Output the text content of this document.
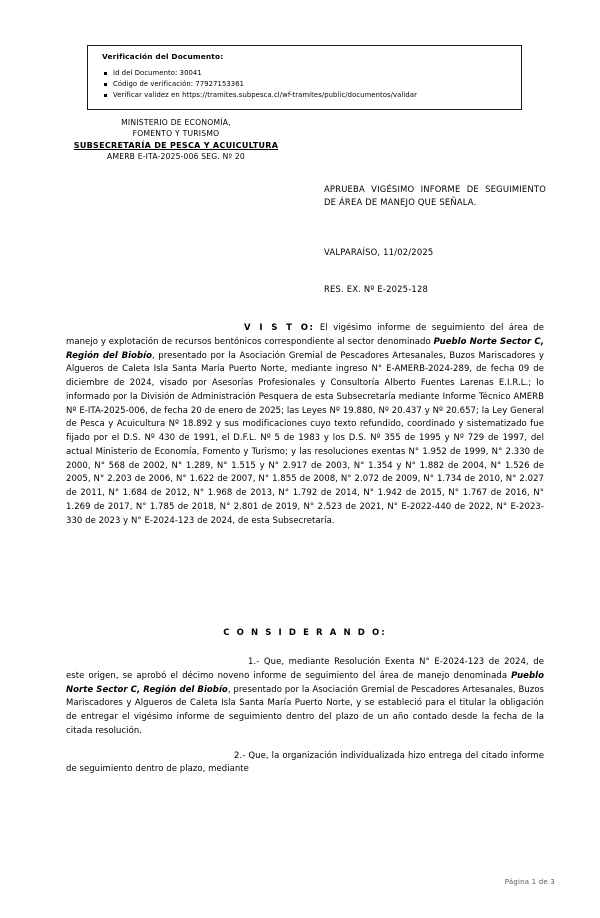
Verificación del Documento:
Id del Documento: 30041
Código de verificación: 77927153361
Verificar validez en https://tramites.subpesca.cl/wf-tramites/public/documentos/validar
MINISTERIO DE ECONOMÍA,
FOMENTO Y TURISMO
SUBSECRETARÍA DE PESCA Y ACUICULTURA
AMERB E-ITA-2025-006 SEG. Nº 20
APRUEBA VIGÉSIMO INFORME DE SEGUIMIENTO DE ÁREA DE MANEJO QUE SEÑALA.
VALPARAÍSO, 11/02/2025
RES. EX. Nº E-2025-128

V I S T O: El vigésimo informe de seguimiento del área de manejo y explotación de recursos bentónicos correspondiente al sector denominado Pueblo Norte Sector C, Región del Biobío, presentado por la Asociación Gremial de Pescadores Artesanales, Buzos Mariscadores y Algueros de Caleta Isla Santa María Puerto Norte, mediante ingreso N° E-AMERB-2024-289, de fecha 09 de diciembre de 2024, visado por Asesorías Profesionales y Consultoría Alberto Fuentes Larenas E.I.R.L.; lo informado por la División de Administración Pesquera de esta Subsecretaría mediante Informe Técnico AMERB Nº E-ITA-2025-006, de fecha 20 de enero de 2025; las Leyes Nº 19.880, Nº 20.437 y Nº 20.657; la Ley General de Pesca y Acuicultura Nº 18.892 y sus modificaciones cuyo texto refundido, coordinado y sistematizado fue fijado por el D.S. Nº 430 de 1991, el D.F.L. Nº 5 de 1983 y los D.S. Nº 355 de 1995 y Nº 729 de 1997, del actual Ministerio de Economía, Fomento y Turismo; y las resoluciones exentas N° 1.952 de 1999, N° 2.330 de 2000, N° 568 de 2002, N° 1.289, N° 1.515 y N° 2.917 de 2003, N° 1.354 y N° 1.882 de 2004, N° 1.526 de 2005, N° 2.203 de 2006, N° 1.622 de 2007, N° 1.855 de 2008, N° 2.072 de 2009, N° 1.734 de 2010, N° 2.027 de 2011, N° 1.684 de 2012, N° 1.968 de 2013, N° 1.792 de 2014, N° 1.942 de 2015, N° 1.767 de 2016, N° 1.269 de 2017, N° 1.785 de 2018, N° 2.801 de 2019, N° 2.523 de 2021, N° E-2022-440 de 2022, N° E-2023-330 de 2023 y N° E-2024-123 de 2024, de esta Subsecretaría.

C O N S I D E R A N D O:

1.- Que, mediante Resolución Exenta N° E-2024-123 de 2024, de este origen, se aprobó el décimo noveno informe de seguimiento del área de manejo denominada Pueblo Norte Sector C, Región del Biobío, presentado por la Asociación Gremial de Pescadores Artesanales, Buzos Mariscadores y Algueros de Caleta Isla Santa María Puerto Norte, y se estableció para el titular la obligación de entregar el vigésimo informe de seguimiento dentro del plazo de un año contado desde la fecha de la citada resolución.

2.- Que, la organización individualizada hizo entrega del citado informe de seguimiento dentro de plazo, mediante

Página 1 de 3
